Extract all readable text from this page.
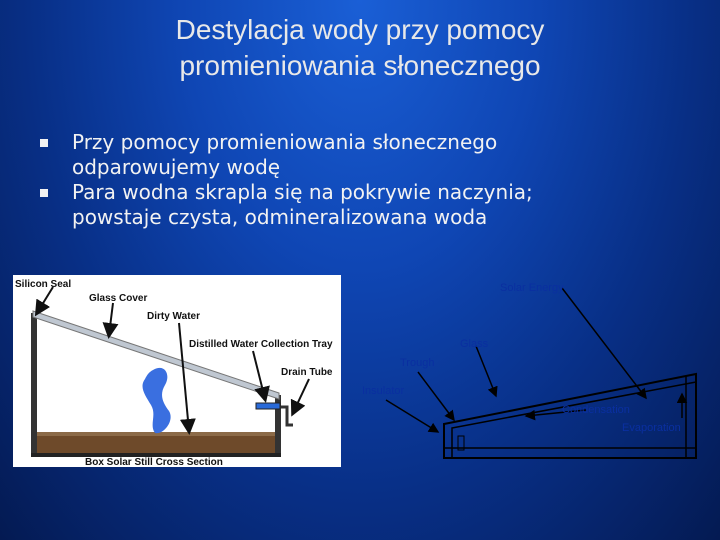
Destylacja wody przy pomocy
promieniowania słonecznego
Przy pomocy promieniowania słonecznego
odparowujemy wodę
Para wodna skrapla się na pokrywie naczynia;
powstaje czysta, odmineralizowana woda
Silicon Seal
Glass Cover
Dirty Water
Distilled Water Collection Tray
Drain Tube
Box Solar Still Cross Section
Solar Energy
Glass
Trough
Insulator
Condensation
Evaporation
